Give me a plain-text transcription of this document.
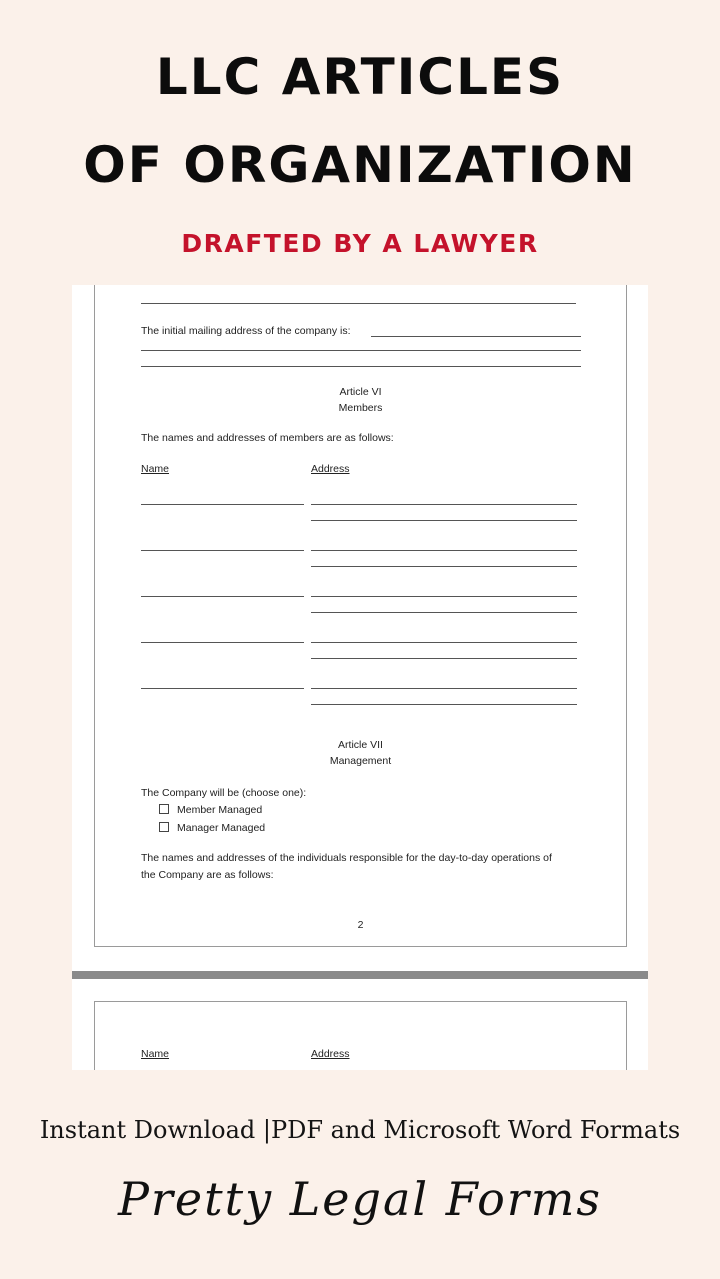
LLC ARTICLES
OF ORGANIZATION
DRAFTED BY A LAWYER
The initial mailing address of the company is:
Article VI
Members
The names and addresses of members are as follows:
Name	Address
Article VII
Management
The Company will be (choose one):
Member Managed
Manager Managed
The names and addresses of the individuals responsible for the day-to-day operations of
the Company are as follows:
2
Name	Address
Instant Download |PDF and Microsoft Word Formats
Pretty Legal Forms
